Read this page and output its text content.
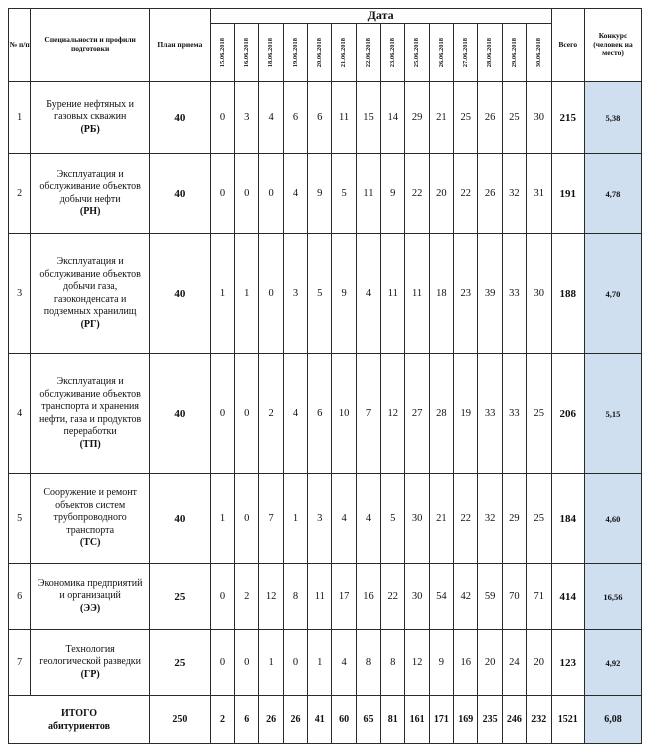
№ п/п	Специальности и профили подготовки	План приема	Дата														Всего	Конкурс (человек на место)

			15.06.2018	16.06.2018	18.06.2018	19.06.2018	20.06.2018	21.06.2018	22.06.2018	23.06.2018	25.06.2018	26.06.2018	27.06.2018	28.06.2018	29.06.2018	30.06.2018		

1	Бурение нефтяных и газовых скважин
(РБ)	40	0	3	4	6	6	11	15	14	29	21	25	26	25	30	215	5,38
2	Эксплуатация и обслуживание объектов добычи нефти
(РН)	40	0	0	0	4	9	5	11	9	22	20	22	26	32	31	191	4,78
3	Эксплуатация и обслуживание объектов добычи газа, газоконденсата и подземных хранилищ
(РГ)	40	1	1	0	3	5	9	4	11	11	18	23	39	33	30	188	4,70
4	Эксплуатация и обслуживание объектов транспорта и хранения нефти, газа и продуктов переработки
(ТП)	40	0	0	2	4	6	10	7	12	27	28	19	33	33	25	206	5,15
5	Сооружение и ремонт объектов систем трубопроводного транспорта
(ТС)	40	1	0	7	1	3	4	4	5	30	21	22	32	29	25	184	4,60
6	Экономика предприятий и организаций
(ЭЭ)	25	0	2	12	8	11	17	16	22	30	54	42	59	70	71	414	16,56
7	Технология геологической разведки
(ГР)	25	0	0	1	0	1	4	8	8	12	9	16	20	24	20	123	4,92

ИТОГО
абитуриентов		250	2	6	26	26	41	60	65	81	161	171	169	235	246	232	1521	6,08
